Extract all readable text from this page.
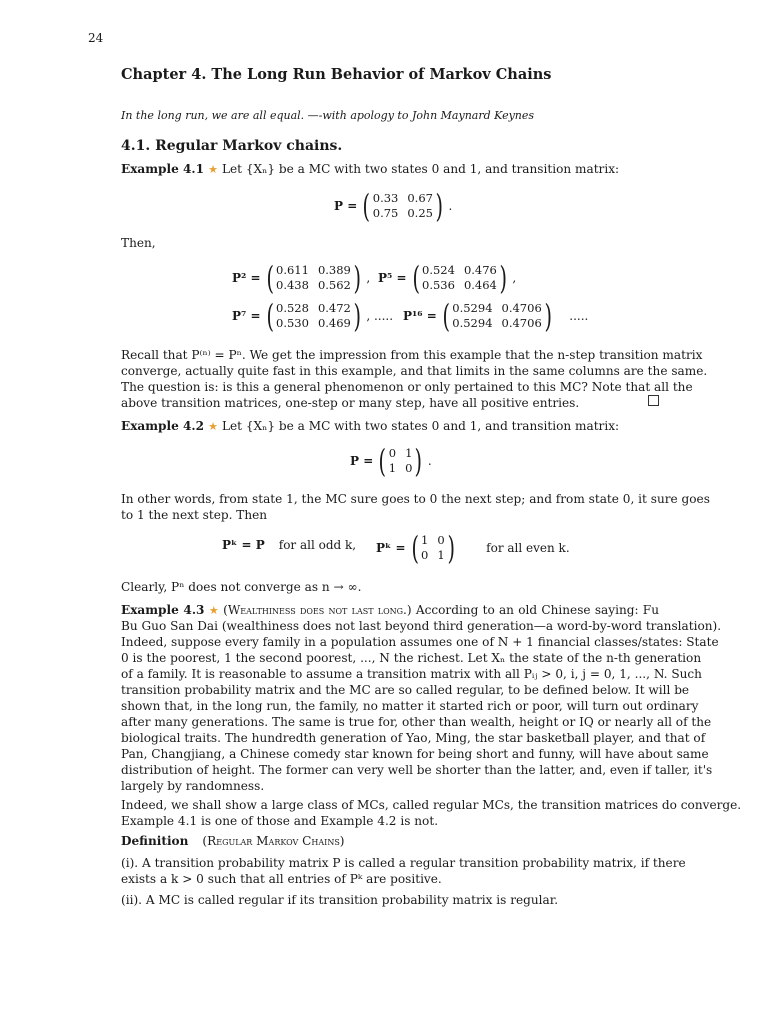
24
Chapter 4. The Long Run Behavior of Markov Chains
In the long run, we are all equal. —-with apology to John Maynard Keynes
4.1. Regular Markov chains.
Example 4.1 ★ Let {Xₙ} be a MC with two states 0 and 1, and transition matrix:
P = ( 0.33 0.67
0.75 0.25 ) .
Then,
P² = ( 0.611 0.389
0.438 0.562 ) , P⁵ = ( 0.524 0.476
0.536 0.464 ) ,
P⁷ = ( 0.528 0.472
0.530 0.469 ) , ..... P¹⁶ = ( 0.5294 0.4706
0.5294 0.4706 ) .....
Recall that P⁽ⁿ⁾ = Pⁿ. We get the impression from this example that the n-step transition matrix
converge, actually quite fast in this example, and that limits in the same columns are the same.
The question is: is this a general phenomenon or only pertained to this MC? Note that all the
above transition matrices, one-step or many step, have all positive entries.
Example 4.2 ★ Let {Xₙ} be a MC with two states 0 and 1, and transition matrix:
P = ( 0 1
1 0 ) .
In other words, from state 1, the MC sure goes to 0 the next step; and from state 0, it sure goes
to 1 the next step. Then
Pᵏ = P for all odd k, Pᵏ = ( 1 0
0 1 )	for all even k.
Clearly, Pⁿ does not converge as n → ∞.
Example 4.3 ★ (Wealthiness does not last long.) According to an old Chinese saying: Fu
Bu Guo San Dai (wealthiness does not last beyond third generation—a word-by-word translation).
Indeed, suppose every family in a population assumes one of N + 1 financial classes/states: State
0 is the poorest, 1 the second poorest, ..., N the richest. Let Xₙ the state of the n-th generation
of a family. It is reasonable to assume a transition matrix with all Pᵢⱼ > 0, i, j = 0, 1, ..., N. Such
transition probability matrix and the MC are so called regular, to be defined below. It will be
shown that, in the long run, the family, no matter it started rich or poor, will turn out ordinary
after many generations. The same is true for, other than wealth, height or IQ or nearly all of the
biological traits. The hundredth generation of Yao, Ming, the star basketball player, and that of
Pan, Changjiang, a Chinese comedy star known for being short and funny, will have about same
distribution of height. The former can very well be shorter than the latter, and, even if taller, it's
largely by randomness.
Indeed, we shall show a large class of MCs, called regular MCs, the transition matrices do converge.
Example 4.1 is one of those and Example 4.2 is not.
Definition (Regular Markov Chains)
(i). A transition probability matrix P is called a regular transition probability matrix, if there
exists a k > 0 such that all entries of Pᵏ are positive.
(ii). A MC is called regular if its transition probability matrix is regular.
